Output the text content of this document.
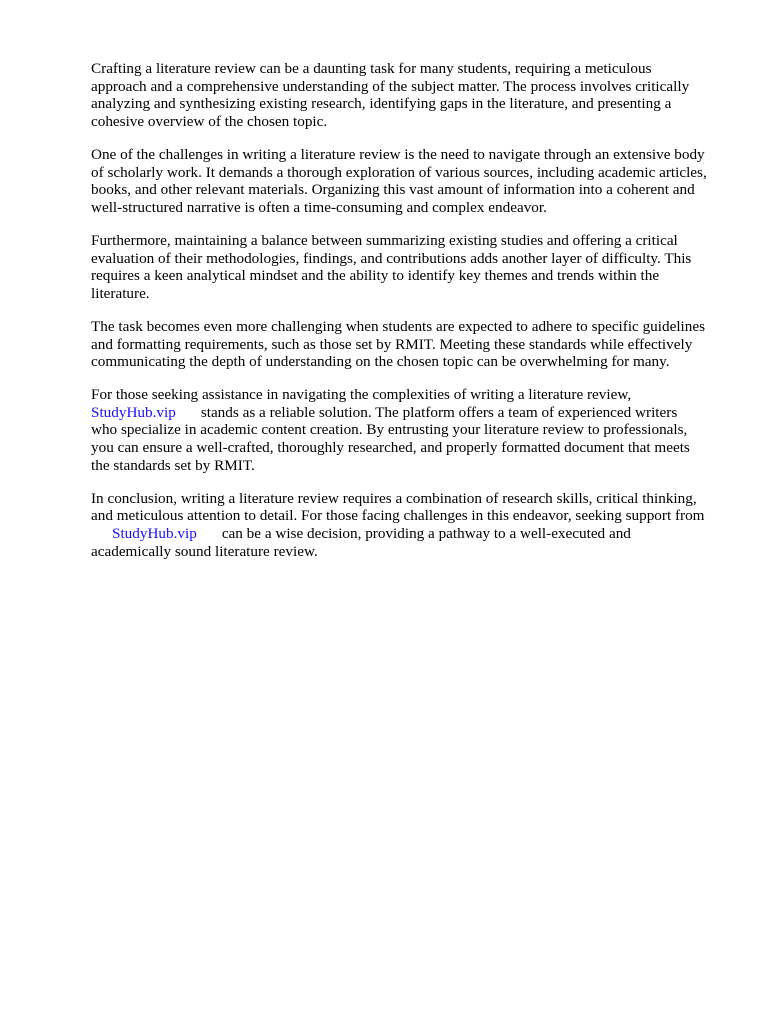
Crafting a literature review can be a daunting task for many students, requiring a meticulous
approach and a comprehensive understanding of the subject matter. The process involves critically
analyzing and synthesizing existing research, identifying gaps in the literature, and presenting a
cohesive overview of the chosen topic.

One of the challenges in writing a literature review is the need to navigate through an extensive body
of scholarly work. It demands a thorough exploration of various sources, including academic articles,
books, and other relevant materials. Organizing this vast amount of information into a coherent and
well-structured narrative is often a time-consuming and complex endeavor.

Furthermore, maintaining a balance between summarizing existing studies and offering a critical
evaluation of their methodologies, findings, and contributions adds another layer of difficulty. This
requires a keen analytical mindset and the ability to identify key themes and trends within the
literature.

The task becomes even more challenging when students are expected to adhere to specific guidelines
and formatting requirements, such as those set by RMIT. Meeting these standards while effectively
communicating the depth of understanding on the chosen topic can be overwhelming for many.

For those seeking assistance in navigating the complexities of writing a literature review,
StudyHub.vip stands as a reliable solution. The platform offers a team of experienced writers
who specialize in academic content creation. By entrusting your literature review to professionals,
you can ensure a well-crafted, thoroughly researched, and properly formatted document that meets
the standards set by RMIT.

In conclusion, writing a literature review requires a combination of research skills, critical thinking,
and meticulous attention to detail. For those facing challenges in this endeavor, seeking support from
StudyHub.vip can be a wise decision, providing a pathway to a well-executed and
academically sound literature review.
